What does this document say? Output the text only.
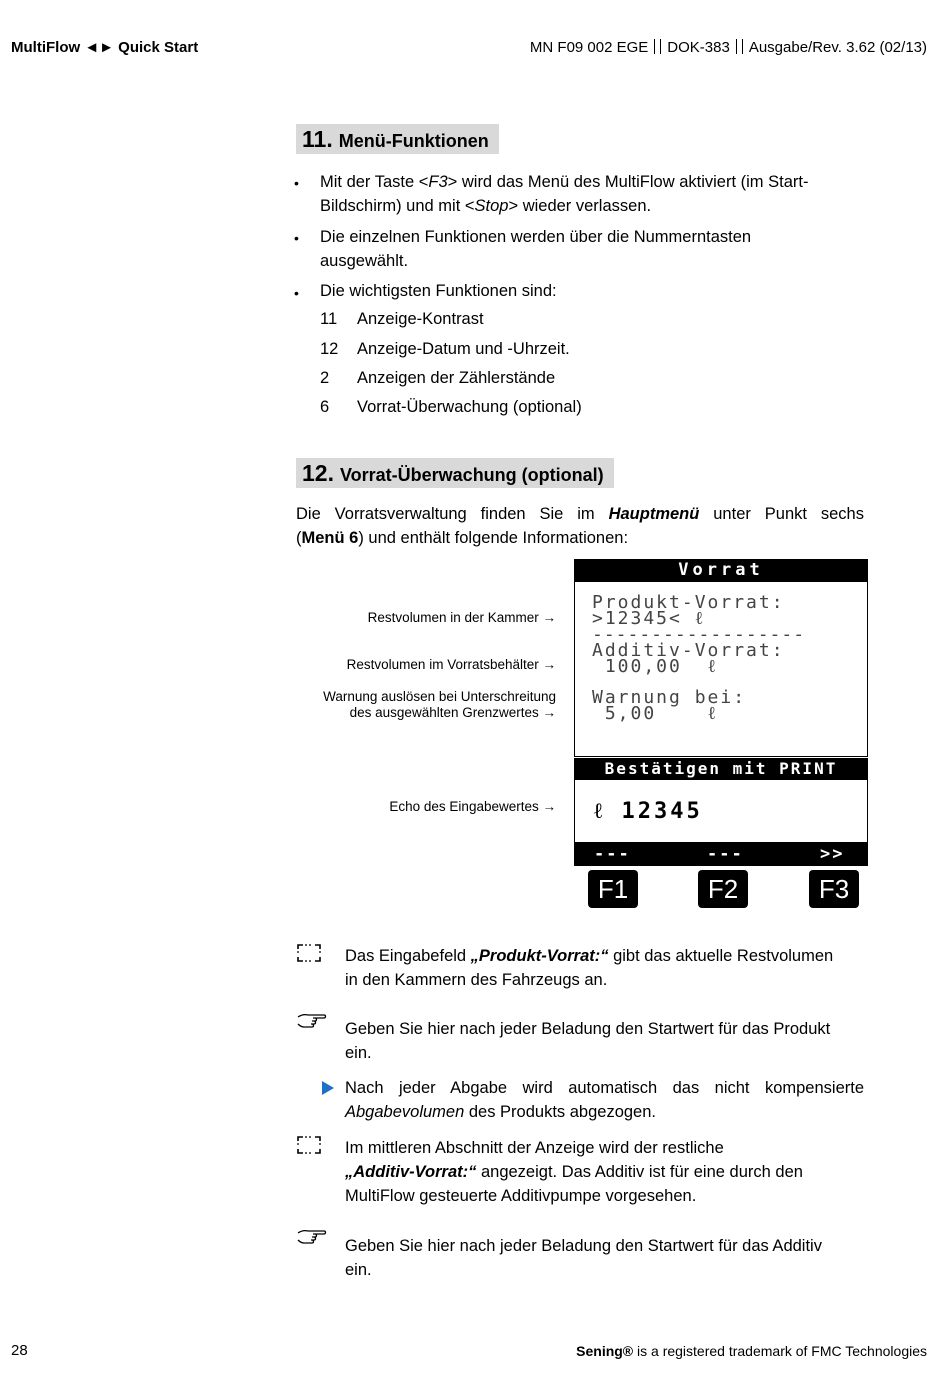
MultiFlow ◄► Quick Start	MN F09 002 EGE DOK-383 Ausgabe/Rev. 3.62 (02/13)
11. Menü-Funktionen
• Mit der Taste <F3> wird das Menü des MultiFlow aktiviert (im Start-
Bildschirm) und mit <Stop> wieder verlassen.
• Die einzelnen Funktionen werden über die Nummerntasten
ausgewählt.
• Die wichtigsten Funktionen sind:
11 Anzeige-Kontrast
12 Anzeige-Datum und -Uhrzeit.
2 Anzeigen der Zählerstände
6 Vorrat-Überwachung (optional)
12. Vorrat-Überwachung (optional)
Die Vorratsverwaltung finden Sie im Hauptmenü unter Punkt sechs
(Menü 6) und enthält folgende Informationen:
Restvolumen in der Kammer →
Restvolumen im Vorratsbehälter →
Warnung auslösen bei Unterschreitung
des ausgewählten Grenzwertes →
Echo des Eingabewertes →
Vorrat
Produkt-Vorrat:
>12345< ℓ
------------------
Additiv-Vorrat:
100,00  ℓ
Warnung bei:
5,00    ℓ
Bestätigen mit PRINT
ℓ 12345
---	---	>>
F1	F2	F3
Das Eingabefeld „Produkt-Vorrat:“ gibt das aktuelle Restvolumen
in den Kammern des Fahrzeugs an.
Geben Sie hier nach jeder Beladung den Startwert für das Produkt
ein.
Nach jeder Abgabe wird automatisch das nicht kompensierte
Abgabevolumen des Produkts abgezogen.
Im mittleren Abschnitt der Anzeige wird der restliche
„Additiv-Vorrat:“ angezeigt. Das Additiv ist für eine durch den
MultiFlow gesteuerte Additivpumpe vorgesehen.
Geben Sie hier nach jeder Beladung den Startwert für das Additiv
ein.
28	Sening® is a registered trademark of FMC Technologies
